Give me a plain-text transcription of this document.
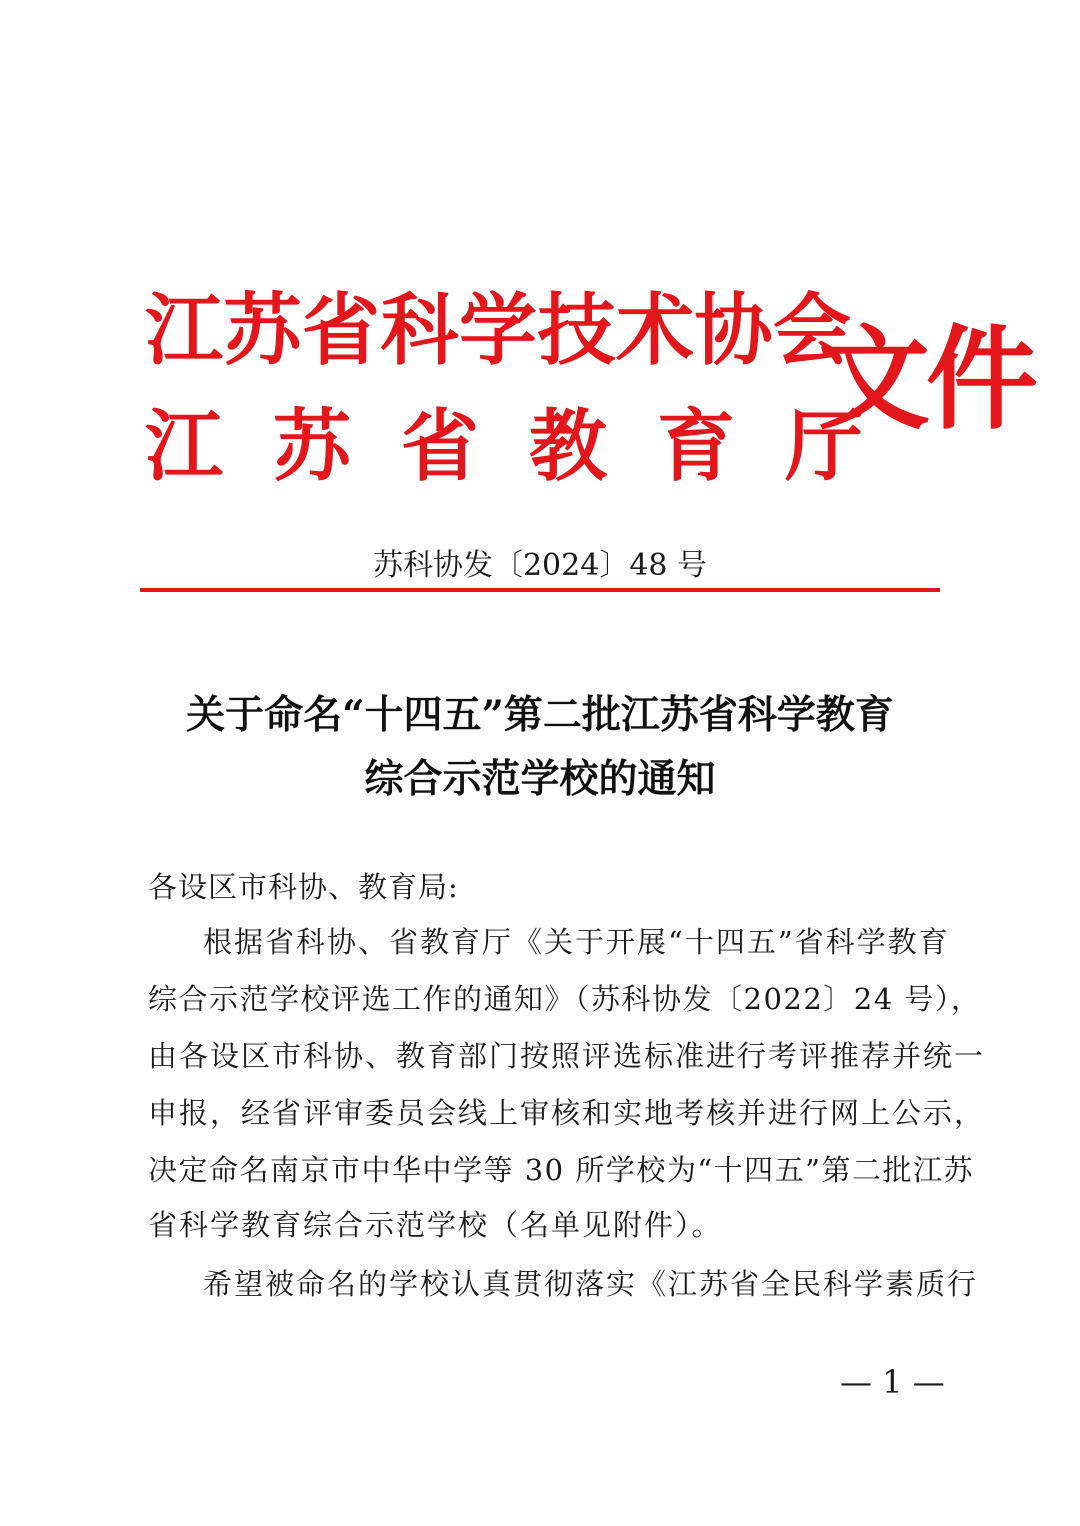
江苏省科学技术协会
江苏省教育厅
文件
苏科协发〔2024〕48 号
关于命名“十四五”第二批江苏省科学教育
综合示范学校的通知
各设区市科协、教育局:
根据省科协、省教育厅《关于开展“十四五”省科学教育
综合示范学校评选工作的通知》（苏科协发〔2022〕24 号），
由各设区市科协、教育部门按照评选标准进行考评推荐并统一
申报，经省评审委员会线上审核和实地考核并进行网上公示，
决定命名南京市中华中学等 30 所学校为“十四五”第二批江苏
省科学教育综合示范学校（名单见附件）。
希望被命名的学校认真贯彻落实《江苏省全民科学素质行
— 1 —
